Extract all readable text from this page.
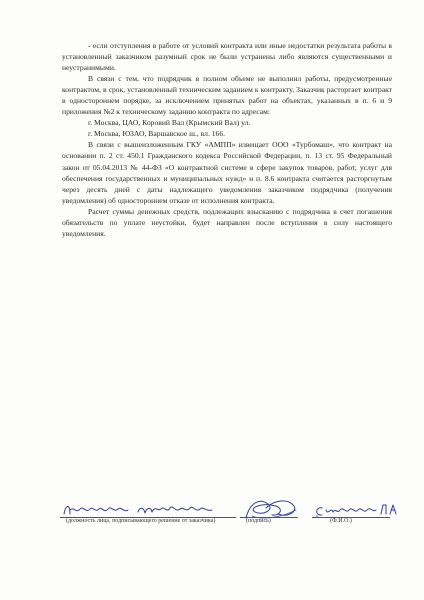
- если отступления в работе от условий контракта или иные недостатки результата работы в установленный заказчиком разумный срок не были устранены либо являются существенными и неустранимыми.

В связи с тем, что подрядчик в полном объеме не выполнил работы, предусмотренные контрактом, в срок, установленный техническим заданием к контракту, Заказчик расторгает контракт в одностороннем порядке, за исключением принятых работ на объектах, указанных в п. 6 и 9 приложения №2 к техническому заданию контракта по адресам:

г. Москва, ЦАО, Коровий Вал (Крымский Вал) ул.

г. Москва, ЮЗАО, Варшавское ш., вл. 166.

В связи с вышеизложенным ГКУ «АМПП» извещает ООО «Турбомаш», что контракт на основании п. 2 ст. 450.1 Гражданского кодекса Российской Федерации, п. 13 ст. 95 Федеральный закон от 05.04.2013 № 44-ФЗ «О контрактной системе в сфере закупок товаров, работ, услуг для обеспечения государственных и муниципальных нужд» и п. 8.6 контракта считается расторгнутым через десять дней с даты надлежащего уведомления заказчиком подрядчика (получения уведомления) об одностороннем отказе от исполнения контракта.

Расчет суммы денежных средств, подлежащих взысканию с подрядчика в счет погашения обязательств по уплате неустойки, будет направлен после вступления в силу настоящего уведомления.

(должность лица, подписывающего решение от заказчика)	(подпись)	(Ф.И.О.)
